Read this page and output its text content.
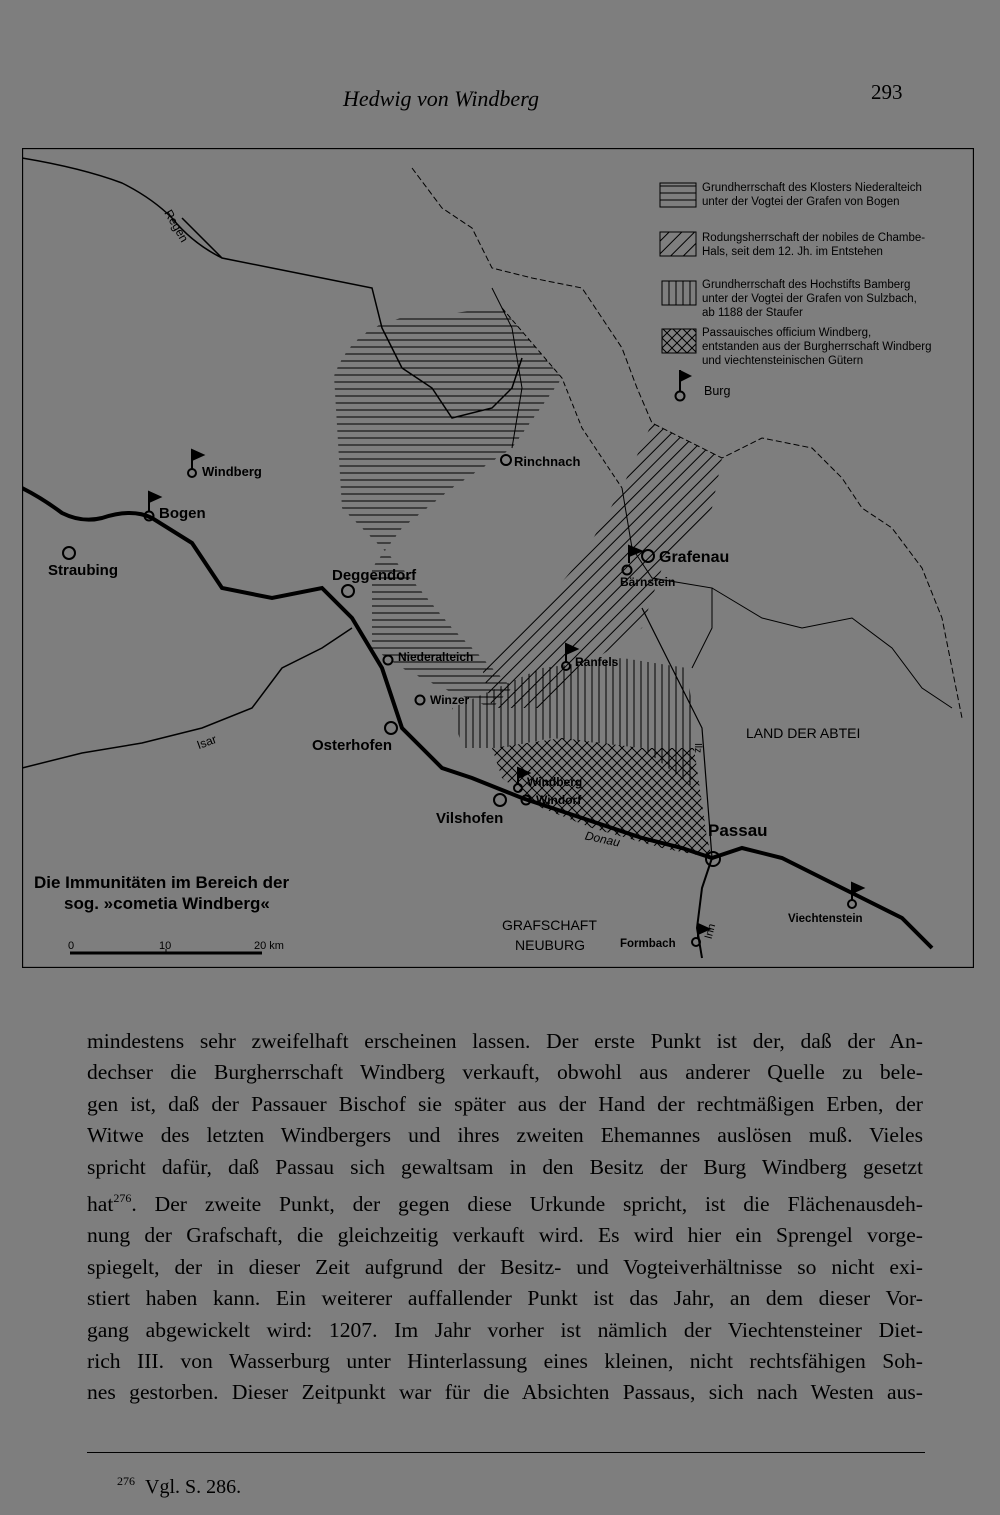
Hedwig von Windberg	293
Grundherrschaft des Klosters Niederalteich
unter der Vogtei der Grafen von Bogen
Rodungsherrschaft der nobiles de Chambe-
Hals, seit dem 12. Jh. im Entstehen
Grundherrschaft des Hochstifts Bamberg
unter der Vogtei der Grafen von Sulzbach,
ab 1188 der Staufer
Passauisches officium Windberg,
entstanden aus der Burgherrschaft Windberg
und viechtensteinischen Gütern
Burg
Windberg
Bogen
Straubing
Rinchnach
Deggendorf
Grafenau
Bärnstein
Ranfels
Niederalteich
Winzer
Osterhofen
Windberg
Windorf
Vilshofen
Passau
LAND DER ABTEI
GRAFSCHAFT
NEUBURG	Formbach
Viechtenstein
Regen
Isar
Donau
Ilz
Inn
Die Immunitäten im Bereich der
sog. »cometia Windberg«
0	10	20 km
mindestens sehr zweifelhaft erscheinen lassen. Der erste Punkt ist der, daß der An-
dechser die Burgherrschaft Windberg verkauft, obwohl aus anderer Quelle zu bele-
gen ist, daß der Passauer Bischof sie später aus der Hand der rechtmäßigen Erben, der
Witwe des letzten Windbergers und ihres zweiten Ehemannes auslösen muß. Vieles
spricht dafür, daß Passau sich gewaltsam in den Besitz der Burg Windberg gesetzt
hat$^{276}$. Der zweite Punkt, der gegen diese Urkunde spricht, ist die Flächenausdeh-
nung der Grafschaft, die gleichzeitig verkauft wird. Es wird hier ein Sprengel vorge-
spiegelt, der in dieser Zeit aufgrund der Besitz- und Vogteiverhältnisse so nicht exi-
stiert haben kann. Ein weiterer auffallender Punkt ist das Jahr, an dem dieser Vor-
gang abgewickelt wird: 1207. Im Jahr vorher ist nämlich der Viechtensteiner Diet-
rich III. von Wasserburg unter Hinterlassung eines kleinen, nicht rechtsfähigen Soh-
nes gestorben. Dieser Zeitpunkt war für die Absichten Passaus, sich nach Westen aus-
$^{276}$ Vgl. S. 286.
